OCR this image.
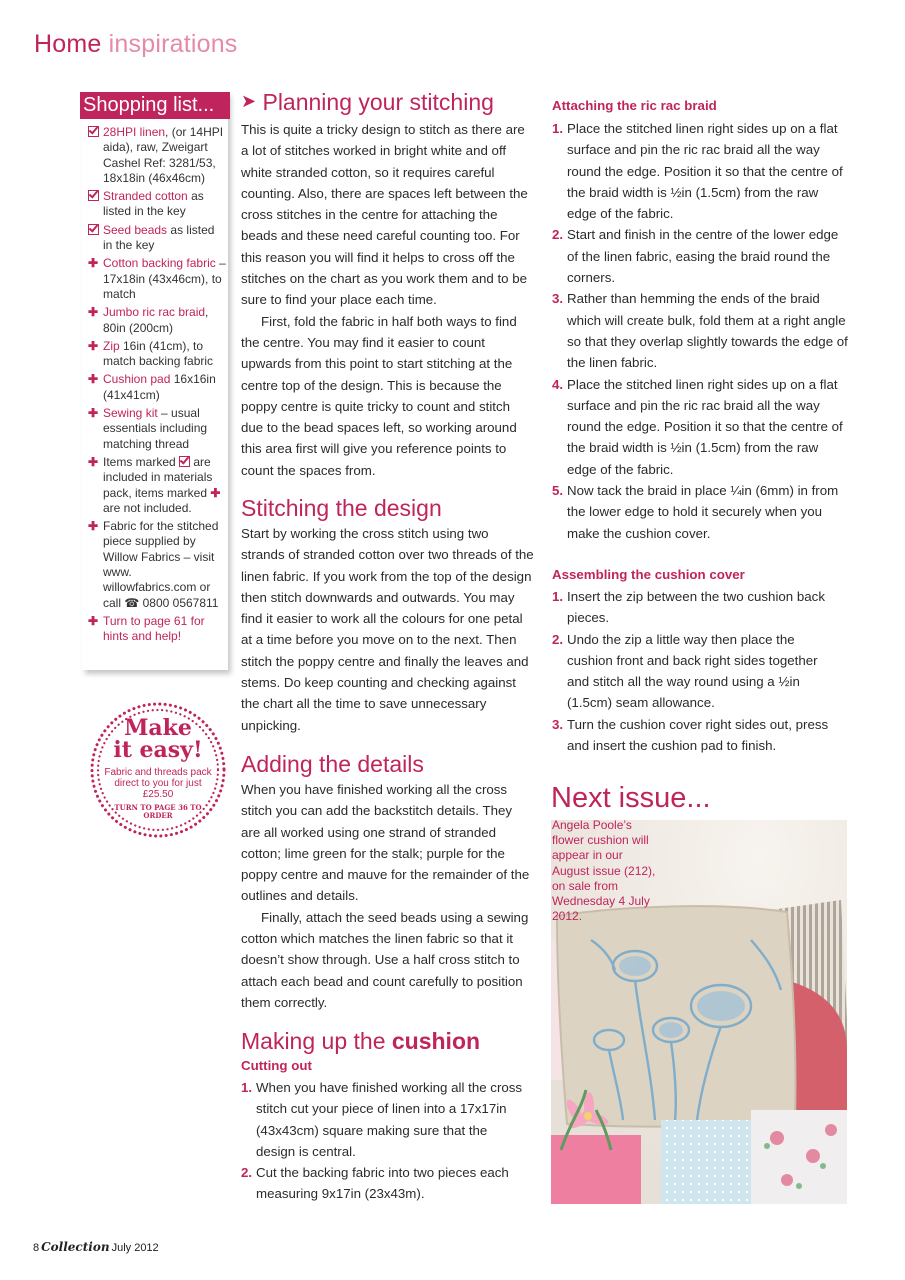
Home inspirations
Shopping list...
28HPI linen, (or 14HPI aida), raw, Zweigart Cashel Ref: 3281/53, 18x18in (46x46cm)
Stranded cotton as listed in the key
Seed beads as listed in the key
✚ Cotton backing fabric – 17x18in (43x46cm), to match
✚ Jumbo ric rac braid, 80in (200cm)
✚ Zip 16in (41cm), to match backing fabric
✚ Cushion pad 16x16in (41x41cm)
✚ Sewing kit – usual essentials including matching thread
✚ Items marked  are included in materials pack, items marked ✚ are not included.
✚ Fabric for the stitched piece supplied by Willow Fabrics – visit www. willowfabrics.com or call ☎ 0800 0567811
✚ Turn to page 61 for hints and help!
Make
it easy!
Fabric and threads pack direct to you for just £25.50
TURN TO PAGE 36 TO ORDER
➤ Planning your stitching

This is quite a tricky design to stitch as there are a lot of stitches worked in bright white and off white stranded cotton, so it requires careful counting. Also, there are spaces left between the cross stitches in the centre for attaching the beads and these need careful counting too. For this reason you will find it helps to cross off the stitches on the chart as you work them and to be sure to find your place each time.

First, fold the fabric in half both ways to find the centre. You may find it easier to count upwards from this point to start stitching at the centre top of the design. This is because the poppy centre is quite tricky to count and stitch due to the bead spaces left, so working around this area first will give you reference points to count the spaces from.

Stitching the design

Start by working the cross stitch using two strands of stranded cotton over two threads of the linen fabric. If you work from the top of the design then stitch downwards and outwards. You may find it easier to work all the colours for one petal at a time before you move on to the next. Then stitch the poppy centre and finally the leaves and stems. Do keep counting and checking against the chart all the time to save unnecessary unpicking.

Adding the details

When you have finished working all the cross stitch you can add the backstitch details. They are all worked using one strand of stranded cotton; lime green for the stalk; purple for the poppy centre and mauve for the remainder of the outlines and details.

Finally, attach the seed beads using a sewing cotton which matches the linen fabric so that it doesn’t show through. Use a half cross stitch to attach each bead and count carefully to position them correctly.

Making up the cushion
Cutting out
1. When you have finished working all the cross stitch cut your piece of linen into a 17x17in (43x43cm) square making sure that the design is central.
2. Cut the backing fabric into two pieces each measuring 9x17in (23x43m).
Attaching the ric rac braid
1. Place the stitched linen right sides up on a flat surface and pin the ric rac braid all the way round the edge. Position it so that the centre of the braid width is ½in (1.5cm) from the raw edge of the fabric.
2. Start and finish in the centre of the lower edge of the linen fabric, easing the braid round the corners.
3. Rather than hemming the ends of the braid which will create bulk, fold them at a right angle so that they overlap slightly towards the edge of the linen fabric.
4. Place the stitched linen right sides up on a flat surface and pin the ric rac braid all the way round the edge. Position it so that the centre of the braid width is ½in (1.5cm) from the raw edge of the fabric.
5. Now tack the braid in place ¼in (6mm) in from the lower edge to hold it securely when you make the cushion cover.
Assembling the cushion cover
1. Insert the zip between the two cushion back pieces.
2. Undo the zip a little way then place the cushion front and back right sides together and stitch all the way round using a ½in (1.5cm) seam allowance.
3. Turn the cushion cover right sides out, press and insert the cushion pad to finish.
Next issue...
Angela Poole’s flower cushion will appear in our August issue (212), on sale from Wednesday 4 July 2012.
8 Collection July 2012
